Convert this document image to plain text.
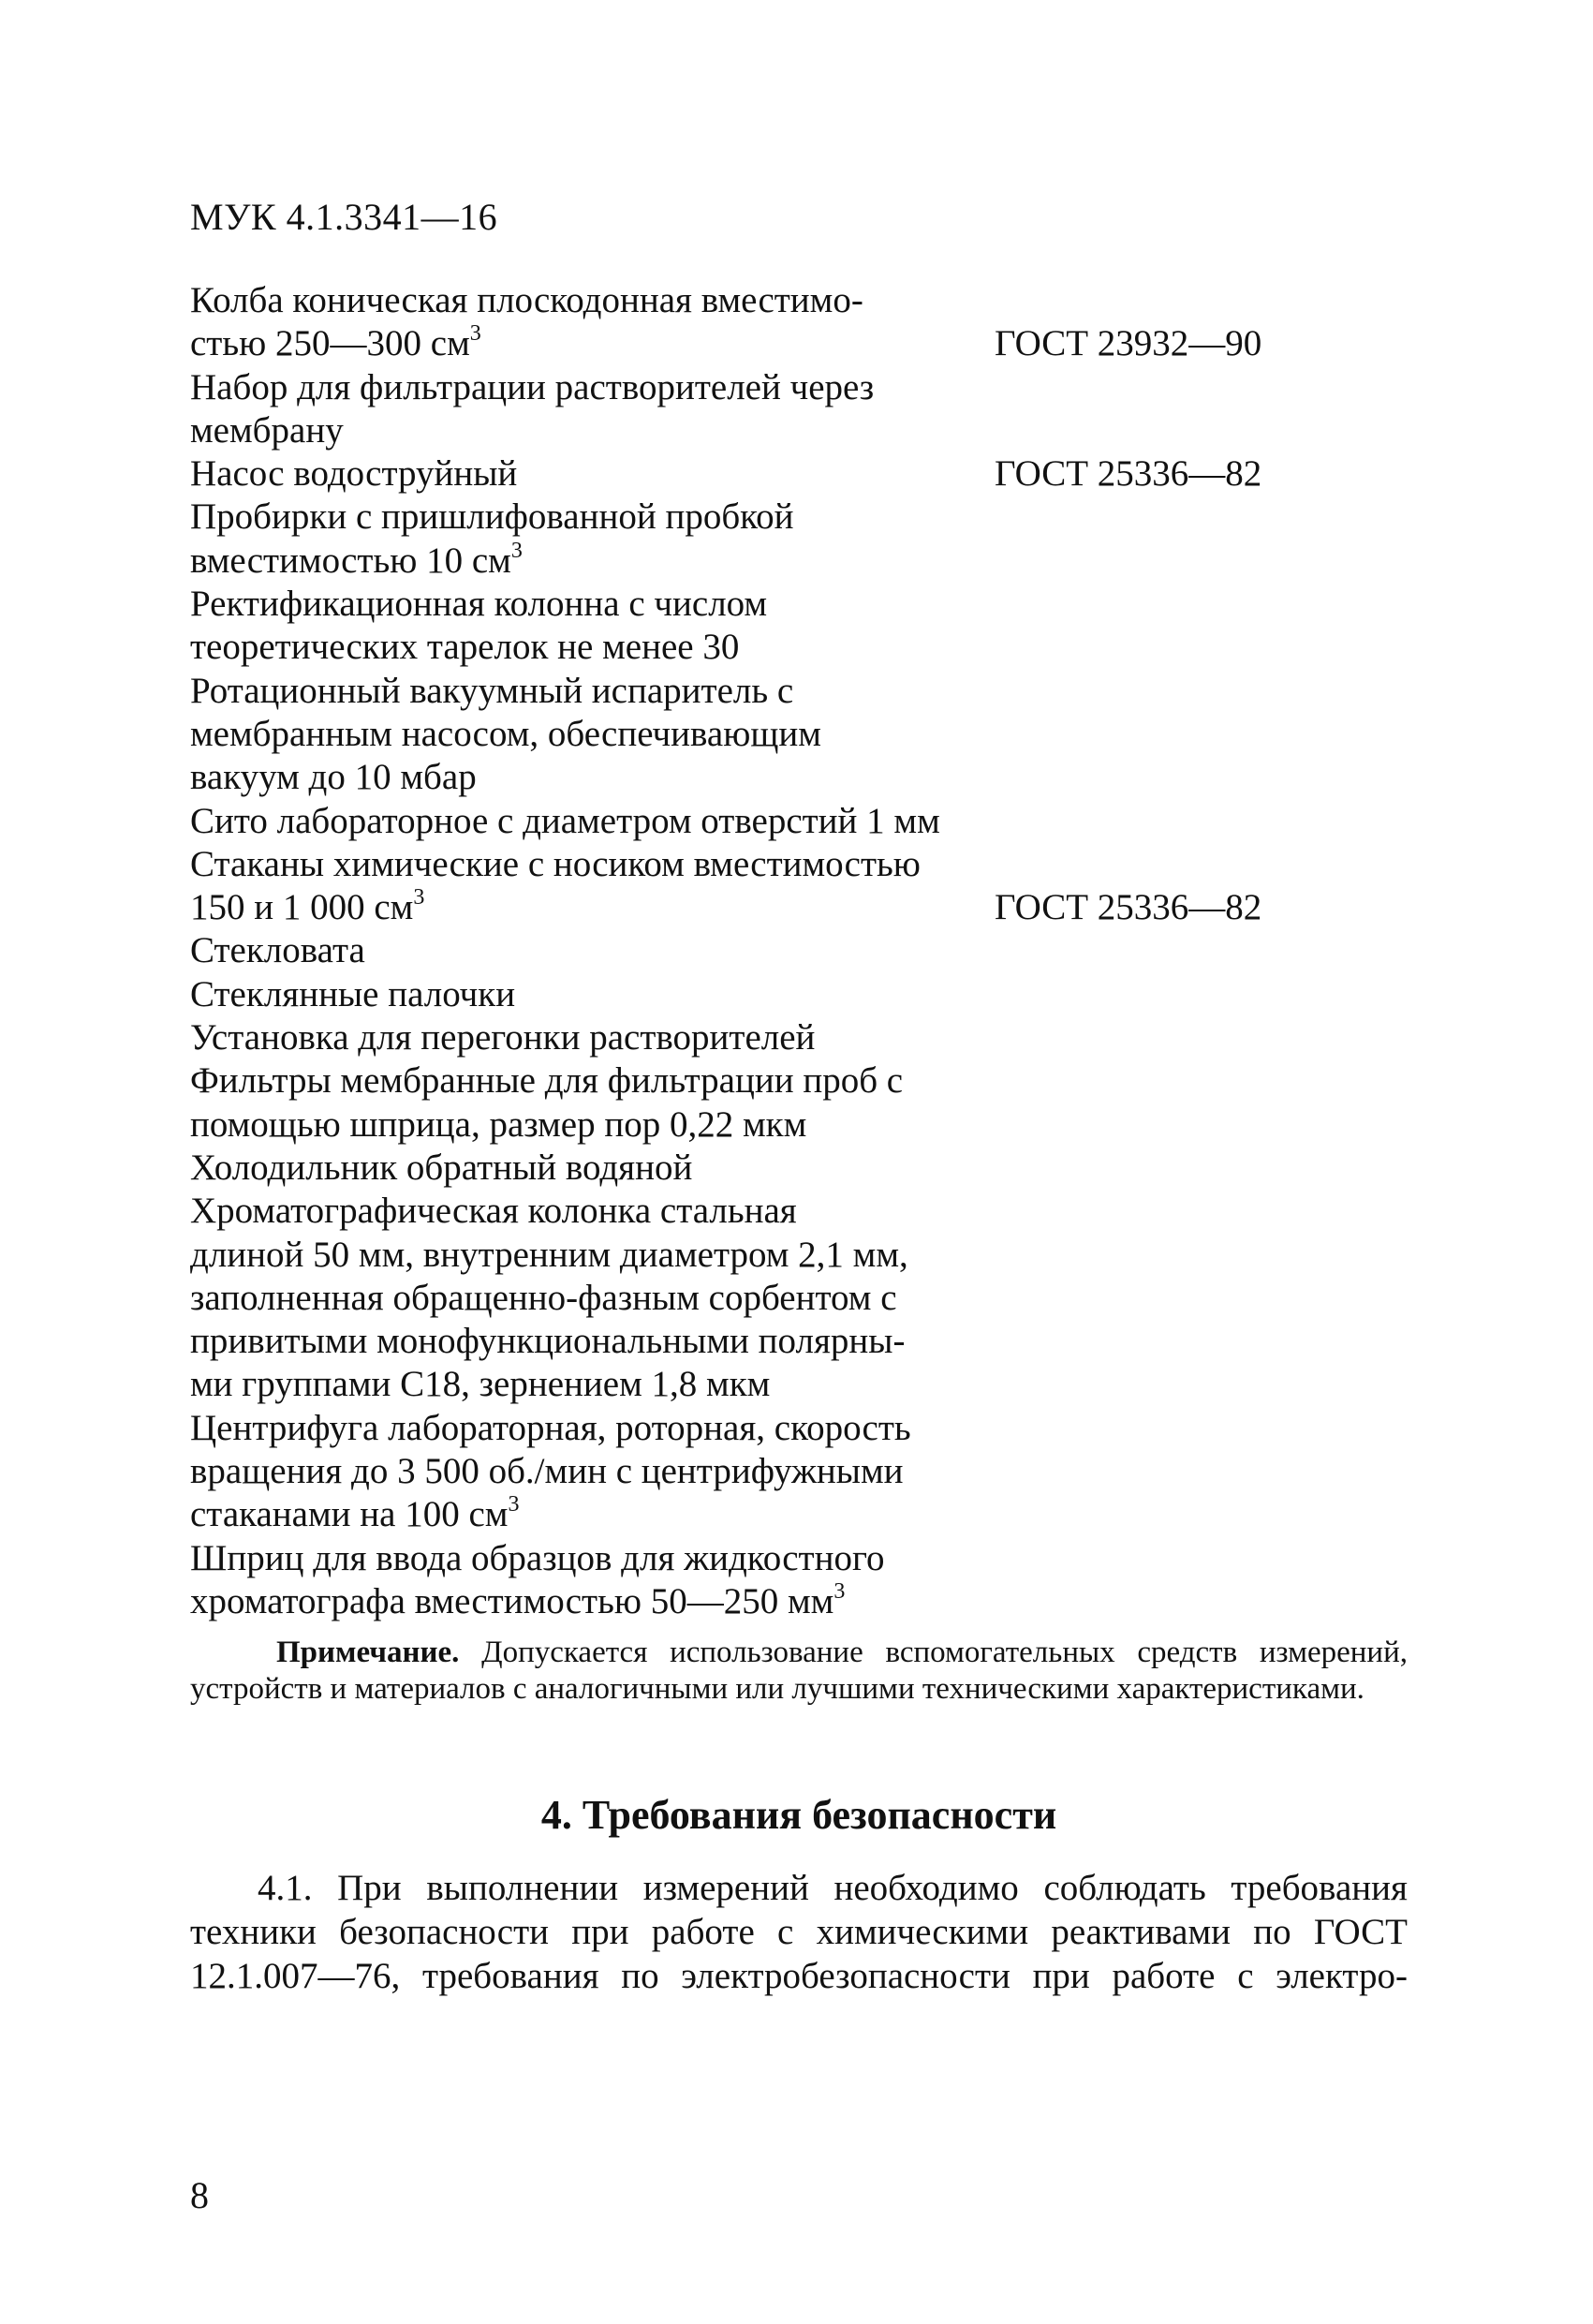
МУК 4.1.3341—16
Колба коническая плоскодонная вместимо-
стью 250—300 $см^3$	ГОСТ 23932—90
Набор для фильтрации растворителей через
мембрану
Насос водоструйный	ГОСТ 25336—82
Пробирки с пришлифованной пробкой
вместимостью 10 $см^3$
Ректификационная колонна с числом
теоретических тарелок не менее 30
Ротационный вакуумный испаритель с
мембранным насосом, обеспечивающим
вакуум до 10 мбар
Сито лабораторное с диаметром отверстий 1 мм
Стаканы химические с носиком вместимостью
150 и 1 000 $см^3$	ГОСТ 25336—82
Стекловата
Стеклянные палочки
Установка для перегонки растворителей
Фильтры мембранные для фильтрации проб с
помощью шприца, размер пор 0,22 мкм
Холодильник обратный водяной
Хроматографическая колонка стальная
длиной 50 мм, внутренним диаметром 2,1 мм,
заполненная обращенно-фазным сорбентом с
привитыми монофункциональными полярны-
ми группами С18, зернением 1,8 мкм
Центрифуга лабораторная, роторная, скорость
вращения до 3 500 об./мин с центрифужными
стаканами на 100 $см^3$
Шприц для ввода образцов для жидкостного
хроматографа вместимостью 50—250 $мм^3$
Примечание. Допускается использование вспомогательных средств измерений, устройств и материалов с аналогичными или лучшими техническими характеристиками.
4. Требования безопасности
4.1. При выполнении измерений необходимо соблюдать требования
техники безопасности при работе с химическими реактивами по ГОСТ
12.1.007—76, требования по электробезопасности при работе с электро-
8
